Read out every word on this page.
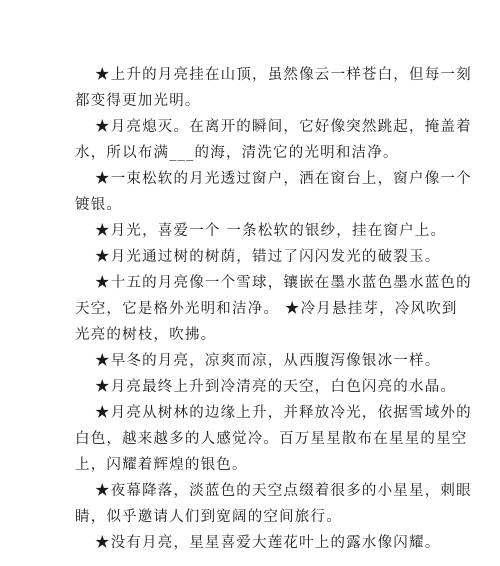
★上升的月亮挂在山顶，虽然像云一样苍白，但每一刻
都变得更加光明。

★月亮熄灭。在离开的瞬间，它好像突然跳起，掩盖着
水，所以布满___的海，清洗它的光明和洁净。

★一束松软的月光透过窗户，洒在窗台上，窗户像一个
镀银。

★月光，喜爱一个 一条松软的银纱，挂在窗户上。

★月光通过树的树荫，错过了闪闪发光的破裂玉。

★十五的月亮像一个雪球，镶嵌在墨水蓝色墨水蓝色的
天空，它是格外光明和洁净。 ★冷月悬挂芽，冷风吹到
光亮的树枝，吹拂。

★早冬的月亮，凉爽而凉，从西腹泻像银冰一样。

★月亮最终上升到冷清亮的天空，白色闪亮的水晶。

★月亮从树林的边缘上升，并释放冷光，依据雪域外的
白色，越来越多的人感觉冷。百万星星散布在星星的星空
上，闪耀着辉煌的银色。

★夜幕降落，淡蓝色的天空点缀着很多的小星星，刺眼
睛，似乎邀请人们到宽阔的空间旅行。

★没有月亮，星星喜爱大莲花叶上的露水像闪耀。
